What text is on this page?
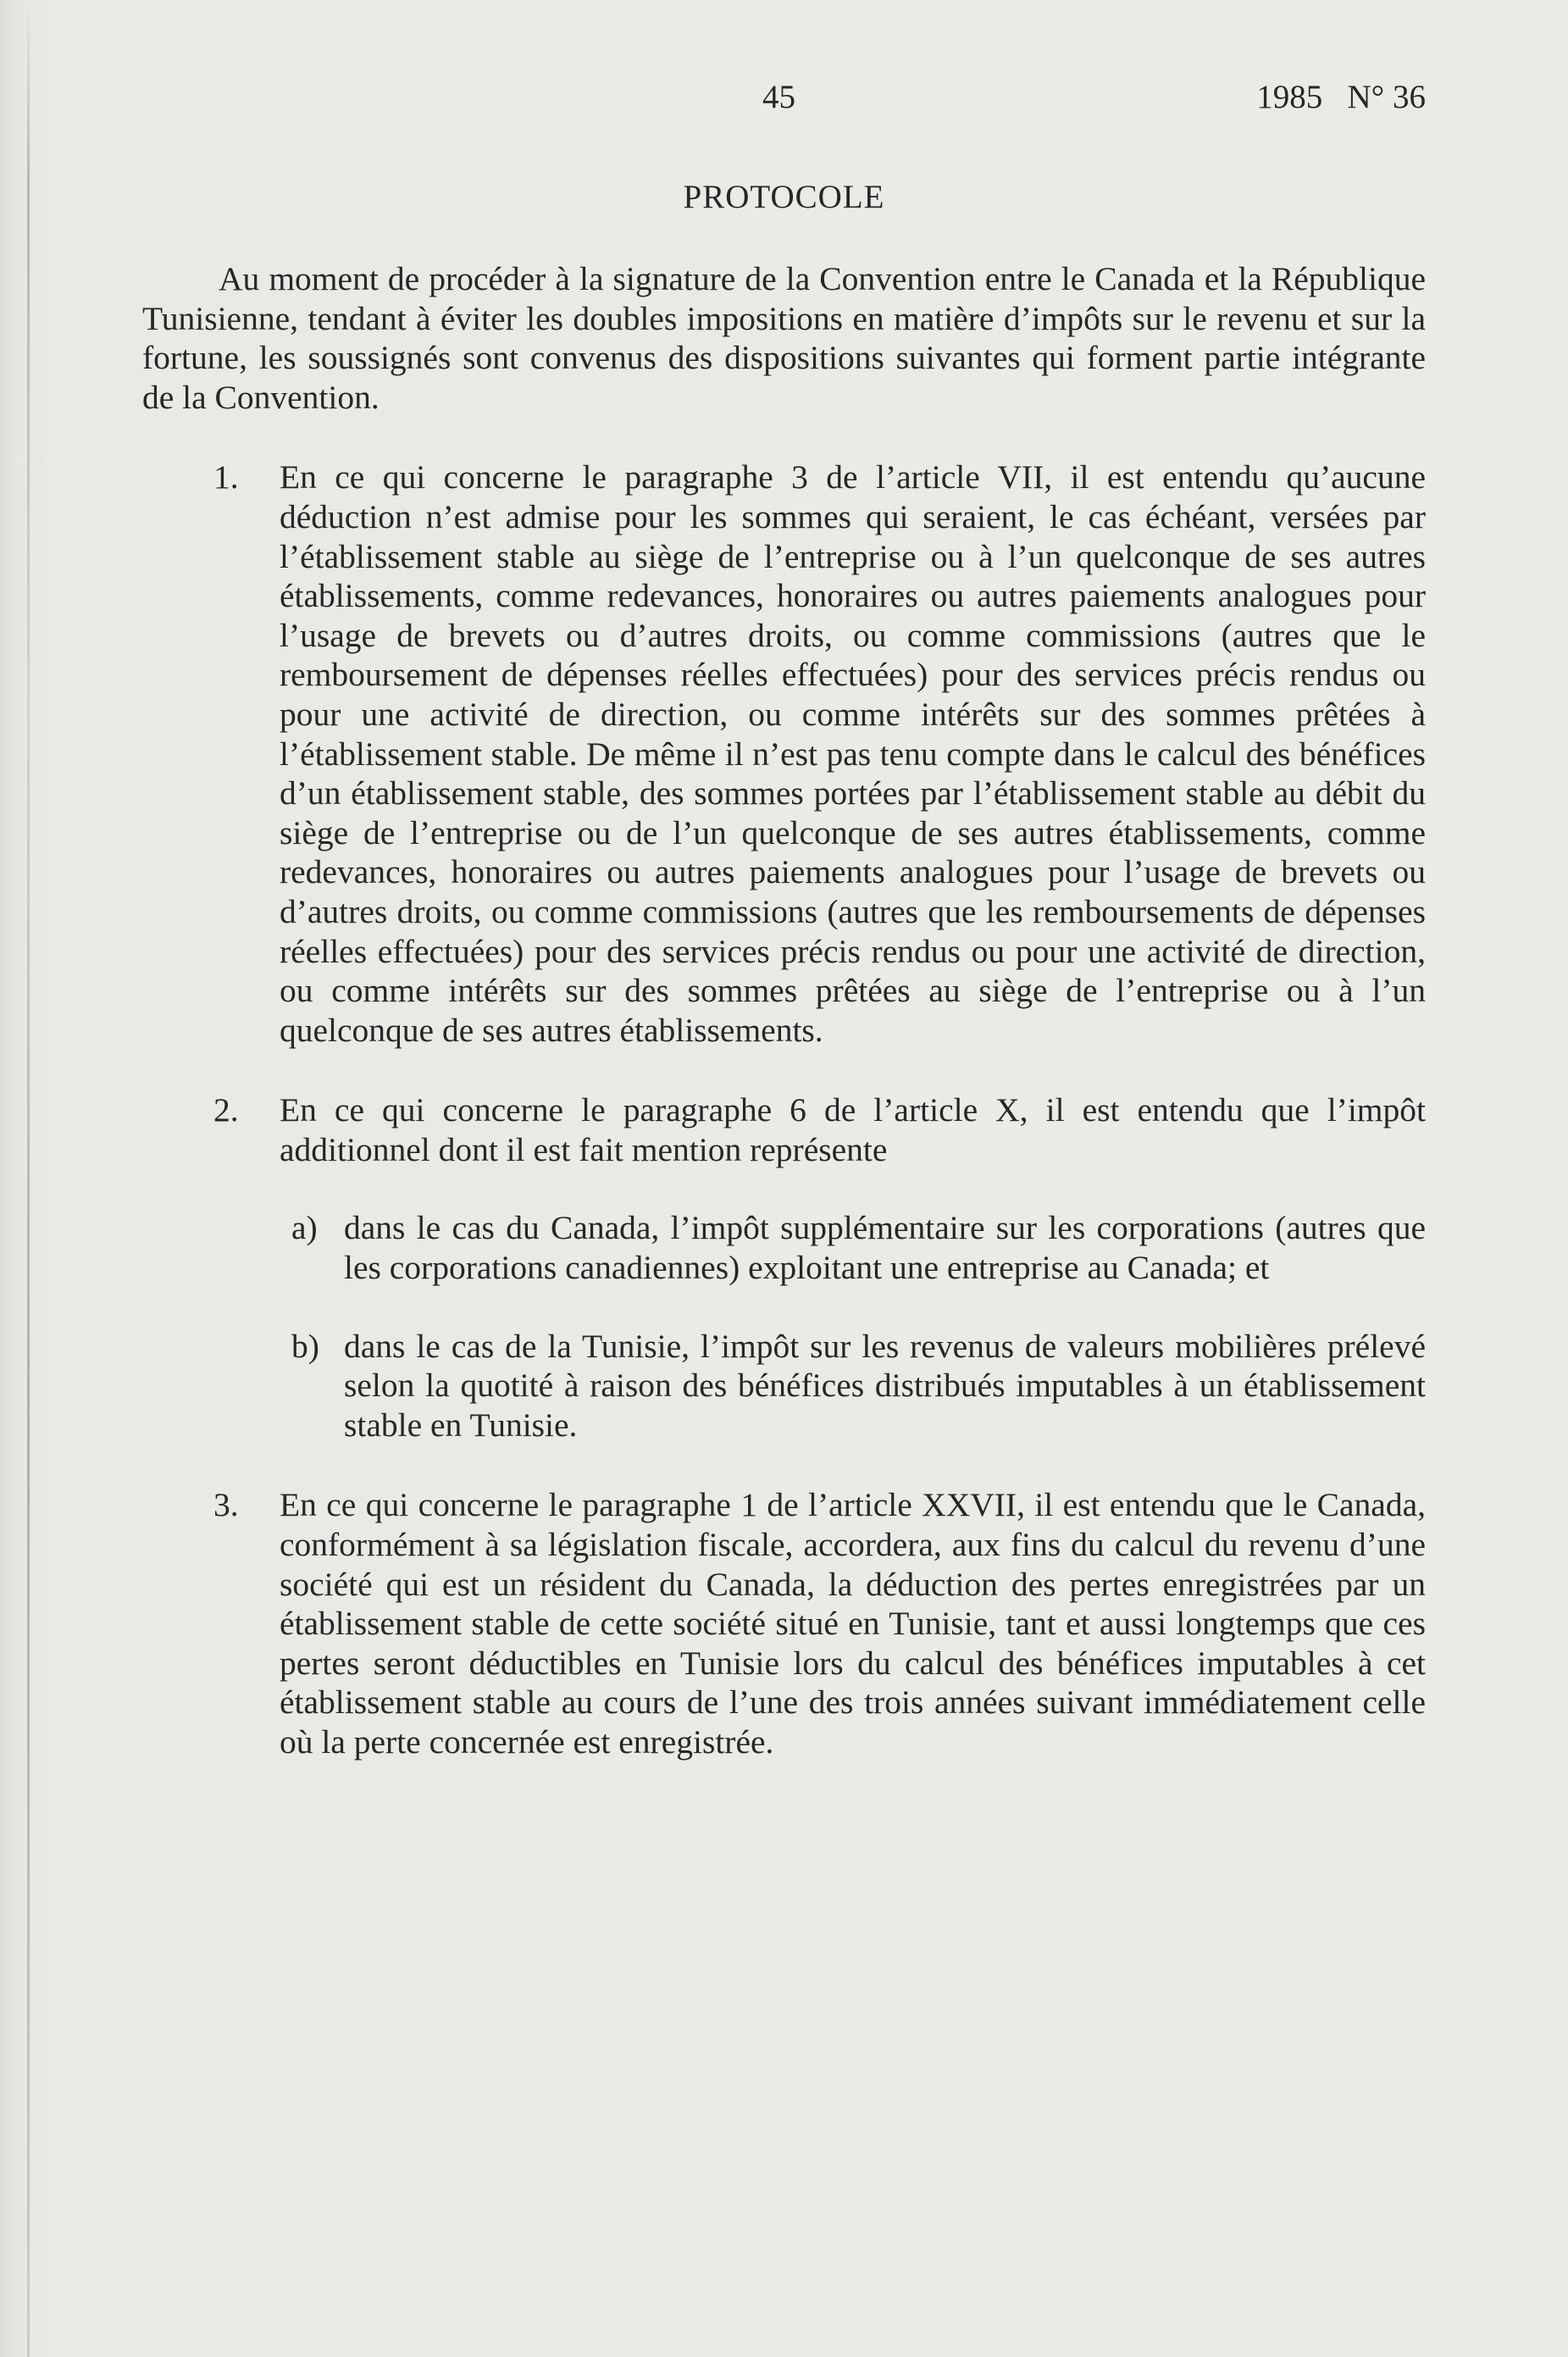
45	1985   N° 36
PROTOCOLE

Au moment de procéder à la signature de la Convention entre le Canada et la République Tunisienne, tendant à éviter les doubles impositions en matière d’impôts sur le revenu et sur la fortune, les soussignés sont convenus des dispositions suivantes qui forment partie intégrante de la Convention.

1. En ce qui concerne le paragraphe 3 de l’article VII, il est entendu qu’aucune déduction n’est admise pour les sommes qui seraient, le cas échéant, versées par l’établissement stable au siège de l’entreprise ou à l’un quelconque de ses autres établissements, comme redevances, honoraires ou autres paiements analogues pour l’usage de brevets ou d’autres droits, ou comme commissions (autres que le remboursement de dépenses réelles effectuées) pour des services précis rendus ou pour une activité de direction, ou comme intérêts sur des sommes prêtées à l’établissement stable. De même il n’est pas tenu compte dans le calcul des bénéfices d’un établissement stable, des sommes portées par l’établissement stable au débit du siège de l’entreprise ou de l’un quelconque de ses autres établissements, comme redevances, honoraires ou autres paiements analogues pour l’usage de brevets ou d’autres droits, ou comme commissions (autres que les remboursements de dépenses réelles effectuées) pour des services précis rendus ou pour une activité de direction, ou comme intérêts sur des sommes prêtées au siège de l’entreprise ou à l’un quelconque de ses autres établissements.
2. En ce qui concerne le paragraphe 6 de l’article X, il est entendu que l’impôt additionnel dont il est fait mention représente
a) dans le cas du Canada, l’impôt supplémentaire sur les corporations (autres que les corporations canadiennes) exploitant une entreprise au Canada; et
b) dans le cas de la Tunisie, l’impôt sur les revenus de valeurs mobilières prélevé selon la quotité à raison des bénéfices distribués imputables à un établissement stable en Tunisie.
3. En ce qui concerne le paragraphe 1 de l’article XXVII, il est entendu que le Canada, conformément à sa législation fiscale, accordera, aux fins du calcul du revenu d’une société qui est un résident du Canada, la déduction des pertes enregistrées par un établissement stable de cette société situé en Tunisie, tant et aussi longtemps que ces pertes seront déductibles en Tunisie lors du calcul des bénéfices imputables à cet établissement stable au cours de l’une des trois années suivant immédiatement celle où la perte concernée est enregistrée.
